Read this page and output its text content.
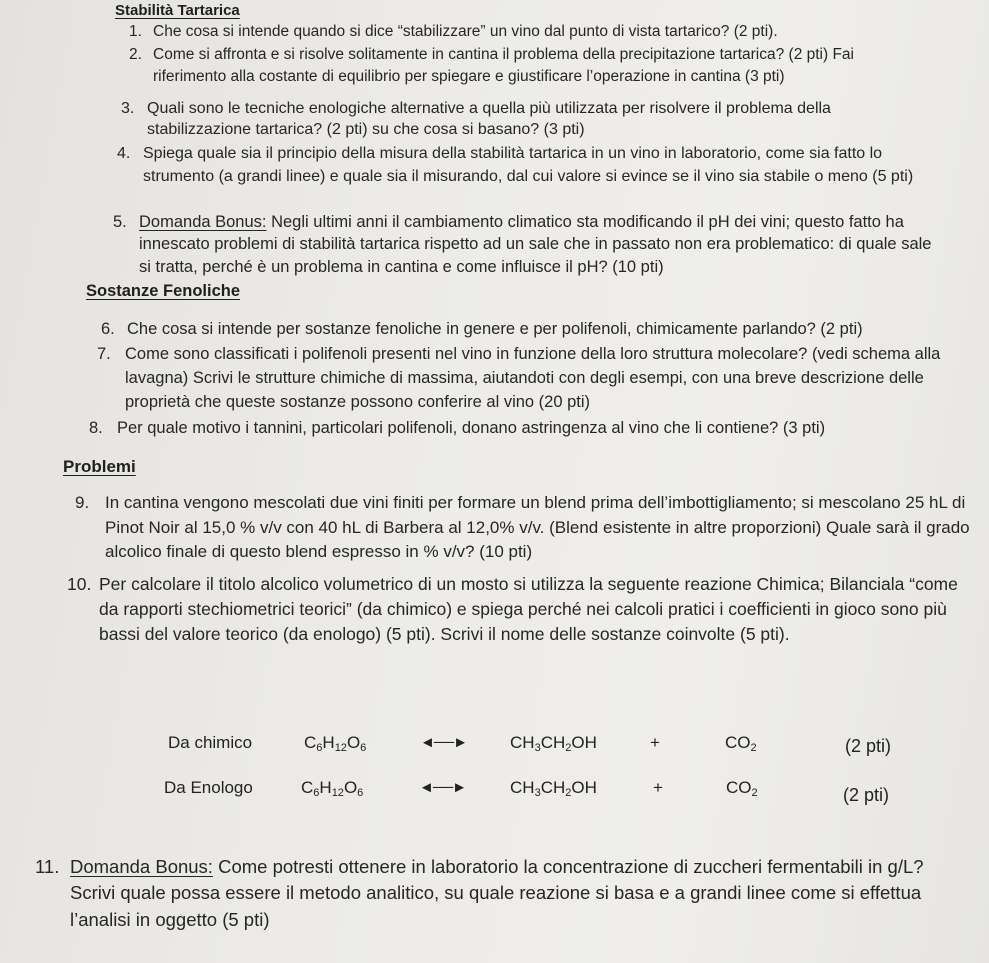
Stabilità Tartarica
1. Che cosa si intende quando si dice “stabilizzare” un vino dal punto di vista tartarico? (2 pti).
2. Come si affronta e si risolve solitamente in cantina il problema della precipitazione tartarica? (2 pti) Fai riferimento alla costante di equilibrio per spiegare e giustificare l’operazione in cantina (3 pti)
3. Quali sono le tecniche enologiche alternative a quella più utilizzata per risolvere il problema della stabilizzazione tartarica? (2 pti) su che cosa si basano? (3 pti)
4. Spiega quale sia il principio della misura della stabilità tartarica in un vino in laboratorio, come sia fatto lo strumento (a grandi linee) e quale sia il misurando, dal cui valore si evince se il vino sia stabile o meno (5 pti)
5. Domanda Bonus: Negli ultimi anni il cambiamento climatico sta modificando il pH dei vini; questo fatto ha innescato problemi di stabilità tartarica rispetto ad un sale che in passato non era problematico: di quale sale si tratta, perché è un problema in cantina e come influisce il pH? (10 pti)
Sostanze Fenoliche
6. Che cosa si intende per sostanze fenoliche in genere e per polifenoli, chimicamente parlando? (2 pti)
7. Come sono classificati i polifenoli presenti nel vino in funzione della loro struttura molecolare? (vedi schema alla lavagna) Scrivi le strutture chimiche di massima, aiutandoti con degli esempi, con una breve descrizione delle proprietà che queste sostanze possono conferire al vino (20 pti)
8. Per quale motivo i tannini, particolari polifenoli, donano astringenza al vino che li contiene? (3 pti)
Problemi
9. In cantina vengono mescolati due vini finiti per formare un blend prima dell’imbottigliamento; si mescolano 25 hL di Pinot Noir al 15,0 % v/v con 40 hL di Barbera al 12,0% v/v. (Blend esistente in altre proporzioni) Quale sarà il grado alcolico finale di questo blend espresso in % v/v? (10 pti)
10. Per calcolare il titolo alcolico volumetrico di un mosto si utilizza la seguente reazione Chimica; Bilanciala “come da rapporti stechiometrici teorici” (da chimico) e spiega perché nei calcoli pratici i coefficienti in gioco sono più bassi del valore teorico (da enologo) (5 pti). Scrivi il nome delle sostanze coinvolte (5 pti).
Da chimico	$C_6H_{12}O_6$	◄──►	$CH_3CH_2OH$	+	$CO_2$	(2 pti)
Da Enologo	$C_6H_{12}O_6$	◄──►	$CH_3CH_2OH$	+	$CO_2$	(2 pti)
11. Domanda Bonus: Come potresti ottenere in laboratorio la concentrazione di zuccheri fermentabili in g/L? Scrivi quale possa essere il metodo analitico, su quale reazione si basa e a grandi linee come si effettua l’analisi in oggetto (5 pti)
